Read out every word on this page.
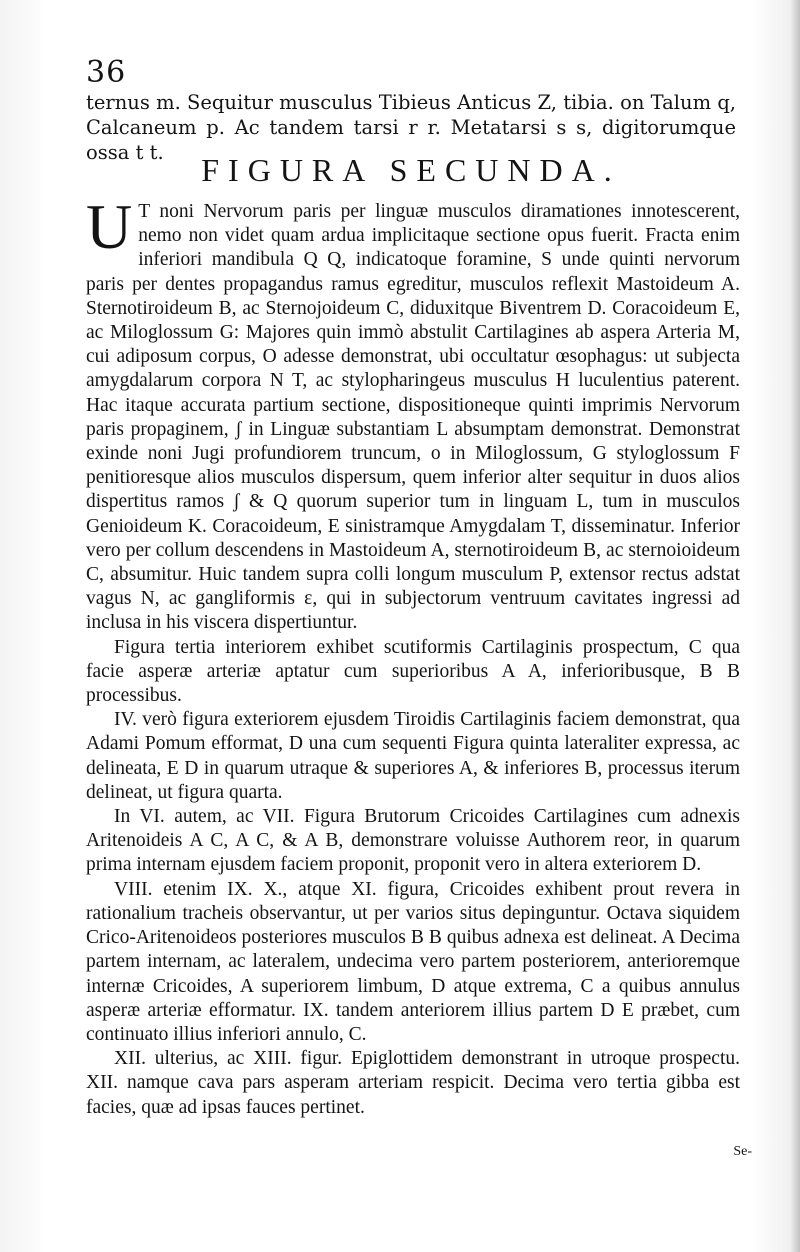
36

ternus m. Sequitur musculus Tibieus Anticus Z, tibia. on Talum q, Calcaneum p. Ac tandem tarsi r r. Metatarsi s s, digitorumque ossa t t.	FIGURA SECUNDA.

U T noni Nervorum paris per linguæ musculos diramationes innotescerent, nemo non videt quam ardua implicitaque sectione opus fuerit. Fracta enim inferiori mandibula Q Q, indicatoque foramine, S unde quinti nervorum paris per dentes propagandus ramus egreditur, musculos reflexit Mastoideum A. Sternotiroideum B, ac Sternojoideum C, diduxitque Biventrem D. Coracoideum E, ac Miloglossum G: Majores quin immò abstulit Cartilagines ab aspera Arteria M, cui adiposum corpus, O adesse demonstrat, ubi occultatur œsophagus: ut subjecta amygdalarum corpora N T, ac stylopharingeus musculus H luculentius paterent. Hac itaque accurata partium sectione, dispositioneque quinti imprimis Nervorum paris propaginem, ʃ in Linguæ substantiam L absumptam demonstrat. Demonstrat exinde noni Jugi profundiorem truncum, o in Miloglossum, G styloglossum F penitioresque alios musculos dispersum, quem inferior alter sequitur in duos alios dispertitus ramos ʃ & Q quorum superior tum in linguam L, tum in musculos Genioideum K. Coracoideum, E sinistramque Amygdalam T, disseminatur. Inferior vero per collum descendens in Mastoideum A, sternotiroideum B, ac sternoioideum C, absumitur. Huic tandem supra colli longum musculum P, extensor rectus adstat vagus N, ac gangliformis ε, qui in subjectorum ventruum cavitates ingressi ad inclusa in his viscera dispertiuntur.

Figura tertia interiorem exhibet scutiformis Cartilaginis prospectum, C qua facie asperæ arteriæ aptatur cum superioribus A A, inferioribusque, B B processibus.

IV. verò figura exteriorem ejusdem Tiroidis Cartilaginis faciem demonstrat, qua Adami Pomum efformat, D una cum sequenti Figura quinta lateraliter expressa, ac delineata, E D in quarum utraque & superiores A, & inferiores B, processus iterum delineat, ut figura quarta.

In VI. autem, ac VII. Figura Brutorum Cricoides Cartilagines cum adnexis Aritenoideis A C, A C, & A B, demonstrare voluisse Authorem reor, in quarum prima internam ejusdem faciem proponit, proponit vero in altera exteriorem D.

VIII. etenim IX. X., atque XI. figura, Cricoides exhibent prout revera in rationalium tracheis observantur, ut per varios situs depinguntur. Octava siquidem Crico-Aritenoideos posteriores musculos B B quibus adnexa est delineat. A Decima partem internam, ac lateralem, undecima vero partem posteriorem, anterioremque internæ Cricoides, A superiorem limbum, D atque extrema, C a quibus annulus asperæ arteriæ efformatur. IX. tandem anteriorem illius partem D E præbet, cum continuato illius inferiori annulo, C.

XII. ulterius, ac XIII. figur. Epiglottidem demonstrant in utroque prospectu. XII. namque cava pars asperam arteriam respicit. Decima vero tertia gibba est facies, quæ ad ipsas fauces pertinet.

Se-
